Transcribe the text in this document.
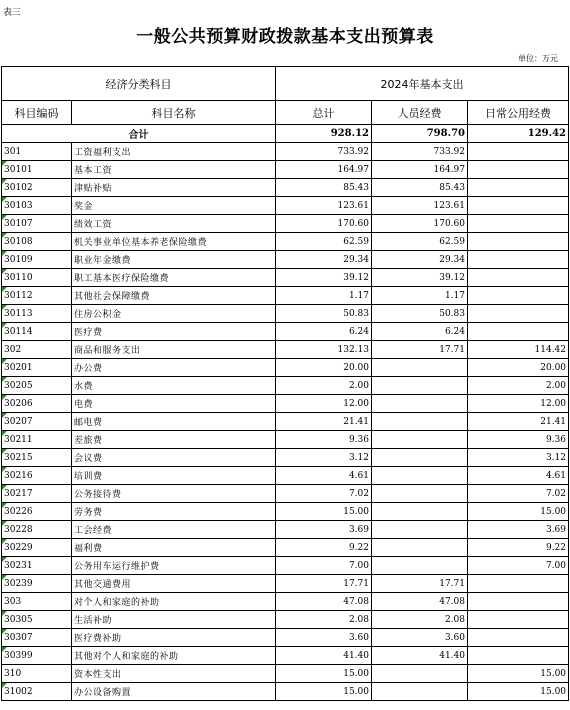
表三
一般公共预算财政拨款基本支出预算表
单位：万元
经济分类科目		2024年基本支出		
科目编码	科目名称	总计	人员经费	日常公用经费
合计		928.12	798.70	129.42
301	工资福利支出	733.92	733.92	

30101	基本工资	164.97	164.97	

30102	津贴补贴	85.43	85.43	

30103	奖金	123.61	123.61	

30107	绩效工资	170.60	170.60	

30108	机关事业单位基本养老保险缴费	62.59	62.59	

30109	职业年金缴费	29.34	29.34	

30110	职工基本医疗保险缴费	39.12	39.12	

30112	其他社会保障缴费	1.17	1.17	

30113	住房公积金	50.83	50.83	

30114	医疗费	6.24	6.24	
302	商品和服务支出	132.13	17.71	114.42

30201	办公费	20.00		20.00

30205	水费	2.00		2.00

30206	电费	12.00		12.00

30207	邮电费	21.41		21.41

30211	差旅费	9.36		9.36

30215	会议费	3.12		3.12

30216	培训费	4.61		4.61

30217	公务接待费	7.02		7.02

30226	劳务费	15.00		15.00

30228	工会经费	3.69		3.69

30229	福利费	9.22		9.22

30231	公务用车运行维护费	7.00		7.00

30239	其他交通费用	17.71	17.71	
303	对个人和家庭的补助	47.08	47.08	

30305	生活补助	2.08	2.08	

30307	医疗费补助	3.60	3.60	

30399	其他对个人和家庭的补助	41.40	41.40	
310	资本性支出	15.00		15.00

31002	办公设备购置	15.00		15.00
